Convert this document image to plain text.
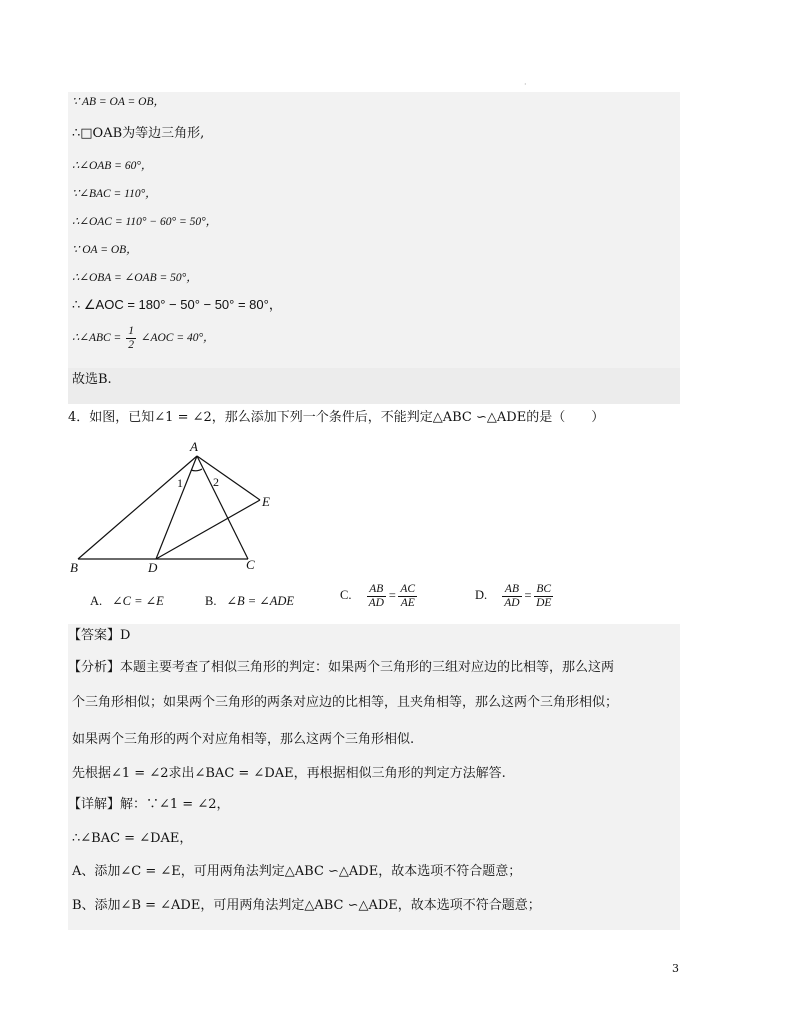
·
∵ AB = OA = OB，
∴□OAB为等边三角形,
∴∠OAB = 60°，
∵∠BAC = 110°，
∴∠OAC = 110° − 60° = 50°，
∵ OA = OB，
∴∠OBA = ∠OAB = 50°，
∴ ∠AOC = 180° − 50° − 50° = 80°，
∴∠ABC = $\frac{1}{2}$ ∠AOC = 40°，
故选B.
4．如图，已知∠1 = ∠2，那么添加下列一个条件后，不能判定△ABC ∽△ADE的是（　　）
A
B	C
D
E
1	2
A. ∠C = ∠E	B. ∠B = ∠ADE	C. $\frac{AB}{AD} = \frac{AC}{AE}$	D. $\frac{AB}{AD} = \frac{BC}{DE}$
【答案】D
【分析】本题主要考查了相似三角形的判定：如果两个三角形的三组对应边的比相等，那么这两
个三角形相似；如果两个三角形的两条对应边的比相等，且夹角相等，那么这两个三角形相似；
如果两个三角形的两个对应角相等，那么这两个三角形相似.
先根据∠1 = ∠2求出∠BAC = ∠DAE，再根据相似三角形的判定方法解答.
【详解】解：∵∠1 = ∠2，
∴∠BAC = ∠DAE，
A、添加∠C = ∠E，可用两角法判定△ABC ∽△ADE，故本选项不符合题意；
B、添加∠B = ∠ADE，可用两角法判定△ABC ∽△ADE，故本选项不符合题意；
3
